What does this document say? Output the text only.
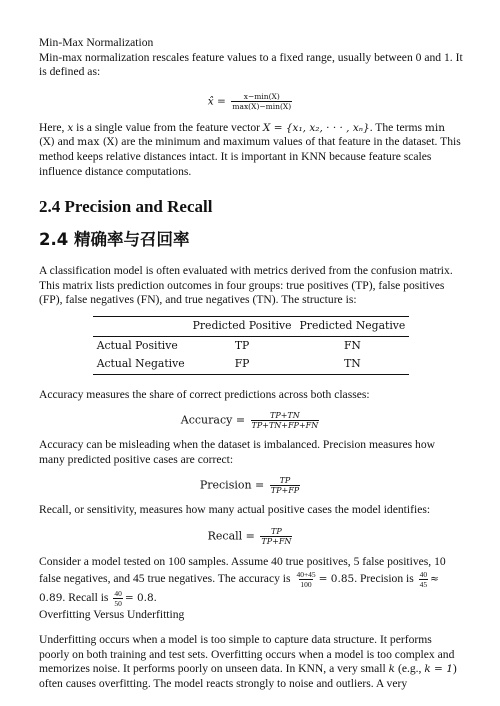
Min-Max Normalization

Min-max normalization rescales feature values to a fixed range, usually between 0 and 1. It is defined as:

x̂ = $\frac{x-\min(X)}{\max(X)-\min(X)}$

Here, x is a single value from the feature vector X = {x₁, x₂, · · · , xₙ}. The terms min (X) and max (X) are the minimum and maximum values of that feature in the dataset. This method keeps relative distances intact. It is important in KNN because feature scales influence distance computations.

2.4 Precision and Recall
2.4 精确率与召回率

A classification model is often evaluated with metrics derived from the confusion matrix. This matrix lists prediction outcomes in four groups: true positives (TP), false positives (FP), false negatives (FN), and true negatives (TN). The structure is:

	Predicted Positive	Predicted Negative
Actual Positive	TP	FN
Actual Negative	FP	TN

Accuracy measures the share of correct predictions across both classes:

Accuracy = $\frac{TP+TN}{TP+TN+FP+FN}$

Accuracy can be misleading when the dataset is imbalanced. Precision measures how many predicted positive cases are correct:

Precision = $\frac{TP}{TP+FP}$

Recall, or sensitivity, measures how many actual positive cases the model identifies:

Recall = $\frac{TP}{TP+FN}$

Consider a model tested on 100 samples. Assume 40 true positives, 5 false positives, 10 false negatives, and 45 true negatives. The accuracy is $\frac{40+45}{100} = 0.85$. Precision is $\frac{40}{45} \approx 0.89$. Recall is $\frac{40}{50} = 0.8$.

Overfitting Versus Underfitting

Underfitting occurs when a model is too simple to capture data structure. It performs poorly on both training and test sets. Overfitting occurs when a model is too complex and memorizes noise. It performs poorly on unseen data. In KNN, a very small k (e.g., k = 1) often causes overfitting. The model reacts strongly to noise and outliers. A very
